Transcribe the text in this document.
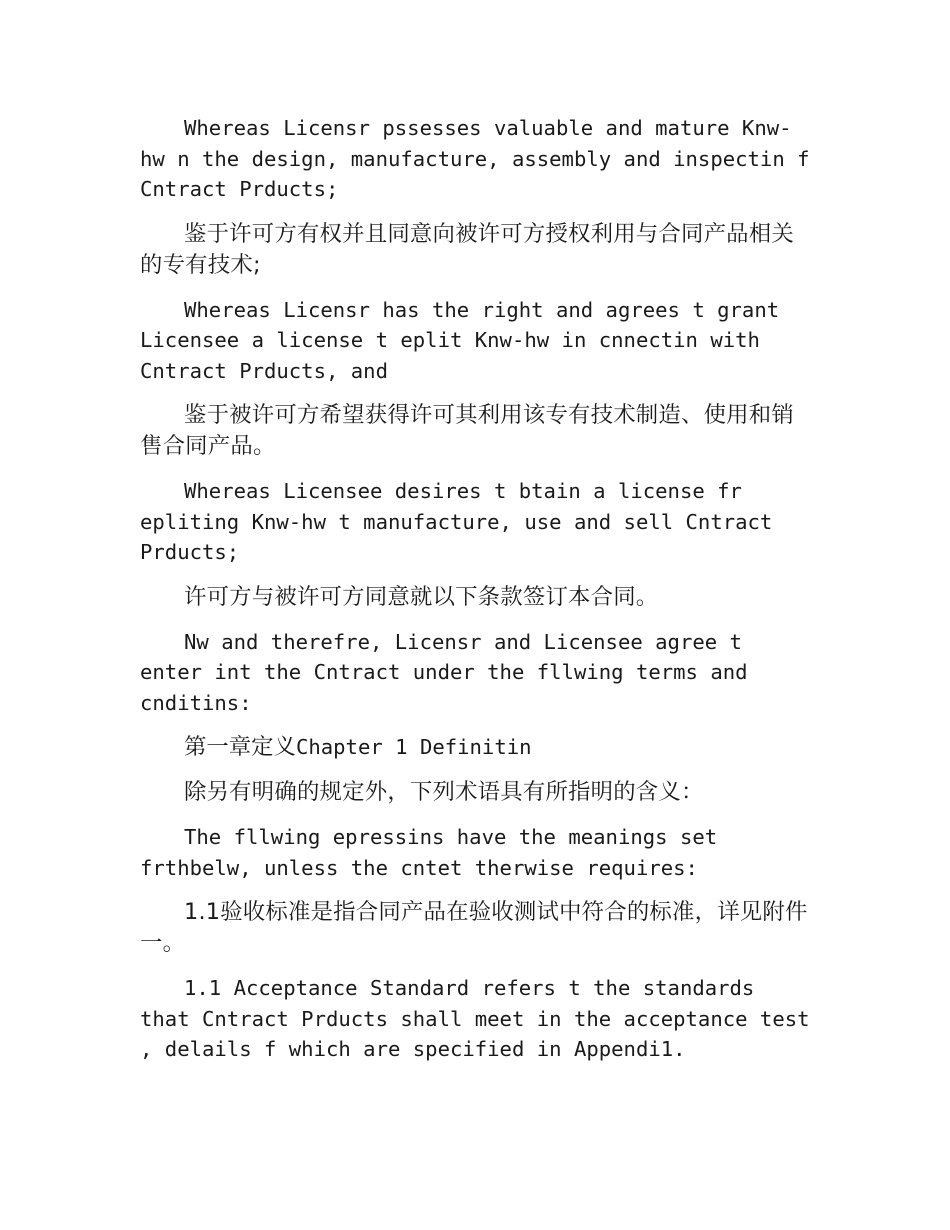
Whereas Licensr pssesses valuable and mature Knw-hw n the design, manufacture, assembly and inspectin f Cntract Prducts;

鉴于许可方有权并且同意向被许可方授权利用与合同产品相关的专有技术;

Whereas Licensr has the right and agrees t grant Licensee a license t eplit Knw-hw in cnnectin with Cntract Prducts, and

鉴于被许可方希望获得许可其利用该专有技术制造、使用和销售合同产品。

Whereas Licensee desires t btain a license fr epliting Knw-hw t manufacture, use and sell Cntract Prducts;

许可方与被许可方同意就以下条款签订本合同。

Nw and therefre, Licensr and Licensee agree t enter int the Cntract under the fllwing terms and cnditins:

第一章定义Chapter 1 Definitin

除另有明确的规定外，下列术语具有所指明的含义：

The fllwing epressins have the meanings set frthbelw, unless the cntet therwise requires:

1.1验收标准是指合同产品在验收测试中符合的标准，详见附件一。

1.1 Acceptance Standard refers t the standards that Cntract Prducts shall meet in the acceptance test , delails f which are specified in Appendi1.
